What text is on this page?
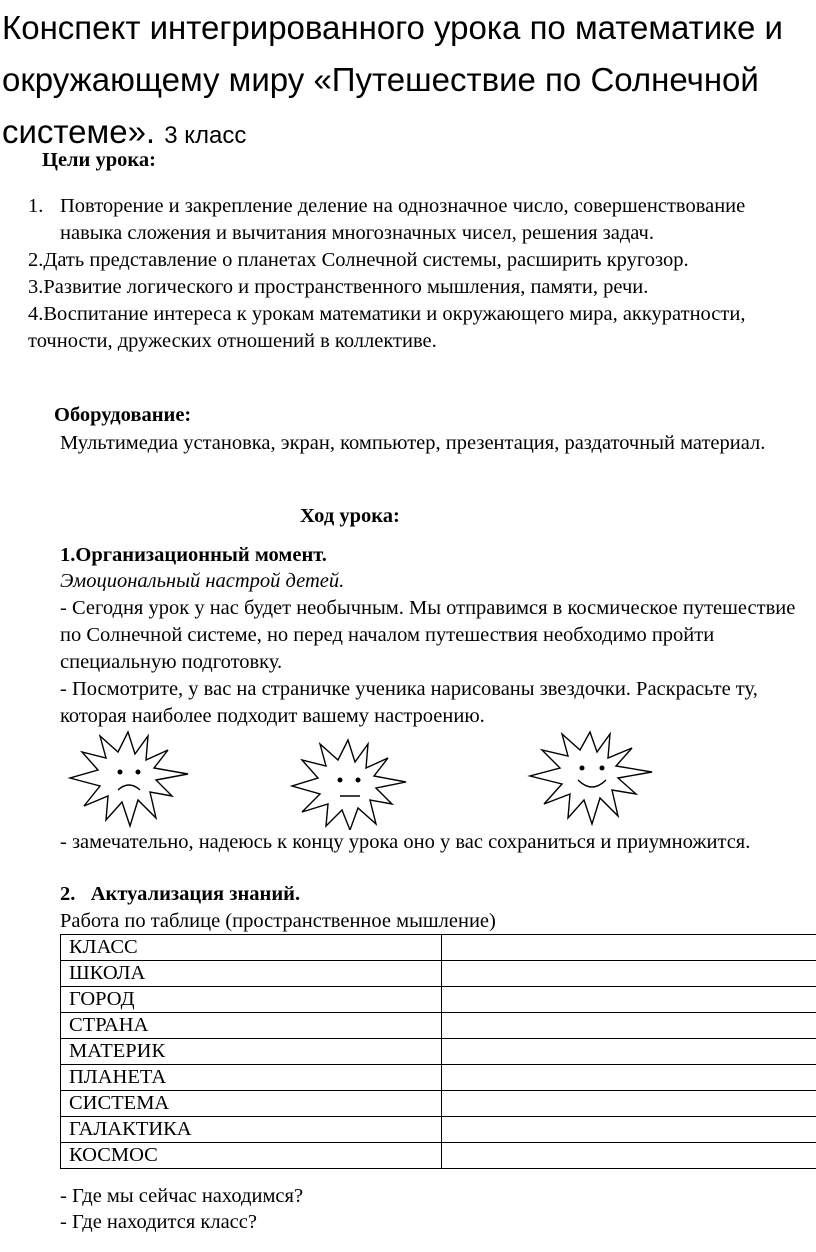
Конспект интегрированного урока по математике и окружающему миру «Путешествие по Солнечной системе». 3 класс

Цели урока:

1. Повторение и закрепление деление на однозначное число, совершенствование навыка сложения и вычитания многозначных чисел, решения задач.
2.Дать представление о планетах Солнечной системы, расширить кругозор.
3.Развитие логического и пространственного мышления, памяти, речи.
4.Воспитание интереса к урокам математики и окружающего мира, аккуратности, точности, дружеских отношений в коллективе.

Оборудование:

Мультимедиа установка, экран, компьютер, презентация, раздаточный материал.

Ход урока:

1.Организационный момент.

Эмоциональный настрой детей.

- Сегодня урок у нас будет необычным. Мы отправимся в космическое путешествие по Солнечной системе, но перед началом путешествия необходимо пройти специальную подготовку.

- Посмотрите, у вас на страничке ученика нарисованы звездочки. Раскрасьте ту, которая наиболее подходит вашему настроению.

- замечательно, надеюсь к концу урока оно у вас сохраниться и приумножится.

2. Актуализация знаний.

Работа по таблице (пространственное мышление)

КЛАСС	
ШКОЛА	
ГОРОД	
СТРАНА	
МАТЕРИК	
ПЛАНЕТА	
СИСТЕМА	
ГАЛАКТИКА	
КОСМОС	

- Где мы сейчас находимся?

- Где находится класс?
